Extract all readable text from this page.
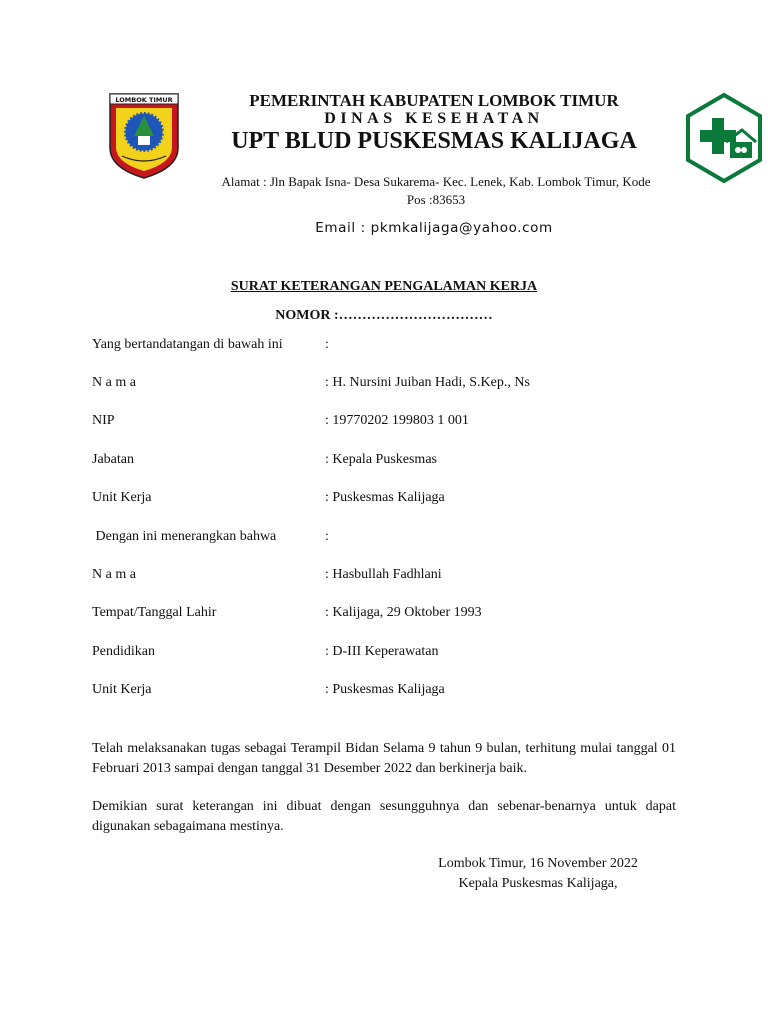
LOMBOK TIMUR	PEMERINTAH KABUPATEN LOMBOK TIMUR
DINAS KESEHATAN
UPT BLUD PUSKESMAS KALIJAGA
Alamat : Jln Bapak Isna- Desa Sukarema- Kec. Lenek, Kab. Lombok Timur, Kode
Pos :83653
Email : pkmkalijaga@yahoo.com
SURAT KETERANGAN PENGALAMAN KERJA
NOMOR :……………………………
Yang bertandatangan di bawah ini	:
N a m a	: H. Nursini Juiban Hadi, S.Kep., Ns
NIP	: 19770202 199803 1 001
Jabatan	: Kepala Puskesmas
Unit Kerja	: Puskesmas Kalijaga
Dengan ini menerangkan bahwa	:
N a m a	: Hasbullah Fadhlani
Tempat/Tanggal Lahir	: Kalijaga, 29 Oktober 1993
Pendidikan	: D-III Keperawatan
Unit Kerja	: Puskesmas Kalijaga
Telah melaksanakan tugas sebagai Terampil Bidan Selama 9 tahun 9 bulan, terhitung mulai tanggal 01 Februari 2013 sampai dengan tanggal 31 Desember 2022 dan berkinerja baik.
Demikian surat keterangan ini dibuat dengan sesungguhnya dan sebenar-benarnya untuk dapat digunakan sebagaimana mestinya.
Lombok Timur, 16 November 2022
Kepala Puskesmas Kalijaga,
